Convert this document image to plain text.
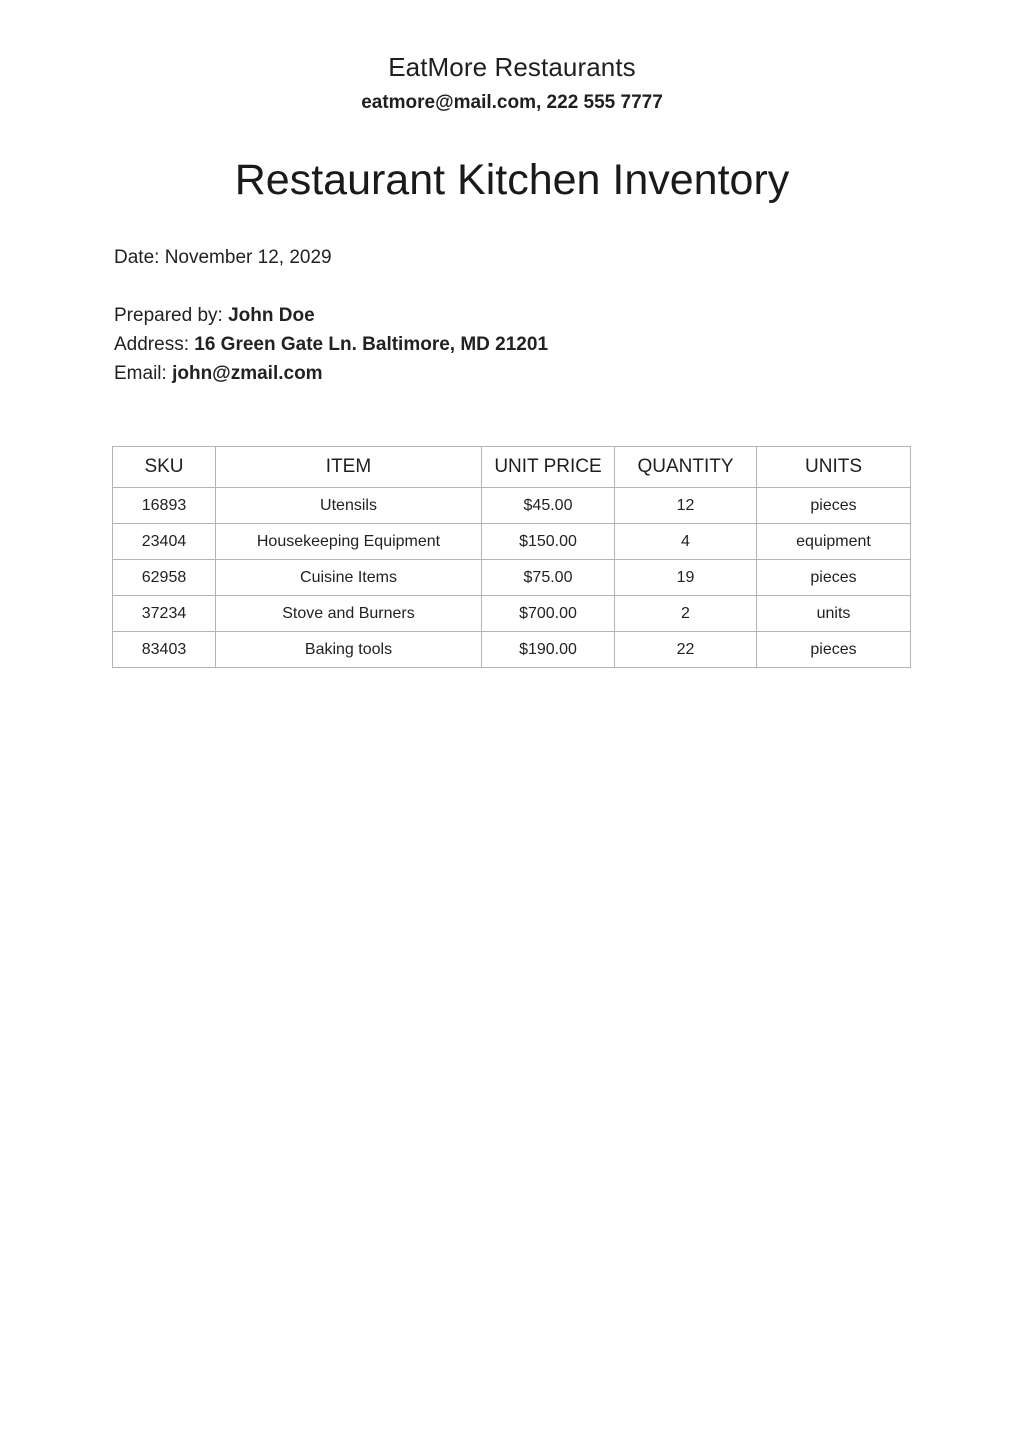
EatMore Restaurants
eatmore@mail.com, 222 555 7777
Restaurant Kitchen Inventory
Date: November 12, 2029
Prepared by: John Doe
Address: 16 Green Gate Ln. Baltimore, MD 21201
Email: john@zmail.com
SKU	ITEM	UNIT PRICE	QUANTITY	UNITS
16893	Utensils	$45.00	12	pieces
23404	Housekeeping Equipment	$150.00	4	equipment
62958	Cuisine Items	$75.00	19	pieces
37234	Stove and Burners	$700.00	2	units
83403	Baking tools	$190.00	22	pieces
